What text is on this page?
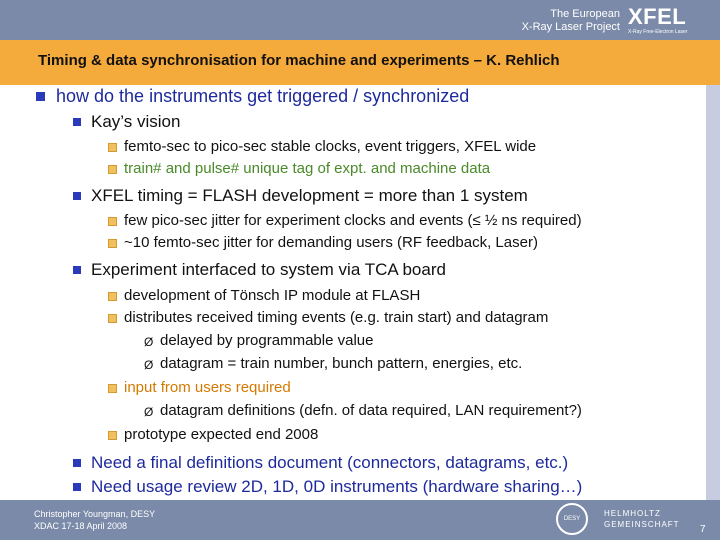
The European
X-Ray Laser Project XFEL
X-Ray Free-Electron Laser
Timing & data synchronisation for machine and experiments – K. Rehlich
how do the instruments get triggered / synchronized
Kay’s vision
femto-sec to pico-sec stable clocks, event triggers, XFEL wide
train# and pulse# unique tag of expt. and machine data
XFEL timing = FLASH development = more than 1 system
few pico-sec jitter for experiment clocks and events (≤ ½ ns required)
~10 femto-sec jitter for demanding users (RF feedback, Laser)
Experiment interfaced to system via TCA board
development of Tönsch IP module at FLASH
distributes received timing events (e.g. train start) and datagram
Ø delayed by programmable value
Ø datagram = train number, bunch pattern, energies, etc.
input from users required
Ø datagram definitions (defn. of data required, LAN requirement?)
prototype expected end 2008
Need a final definitions document (connectors, datagrams, etc.)
Need usage review 2D, 1D, 0D instruments (hardware sharing…)
Christopher Youngman, DESY
XDAC 17-18 April 2008
DESY
HELMHOLTZ
GEMEINSCHAFT 7
